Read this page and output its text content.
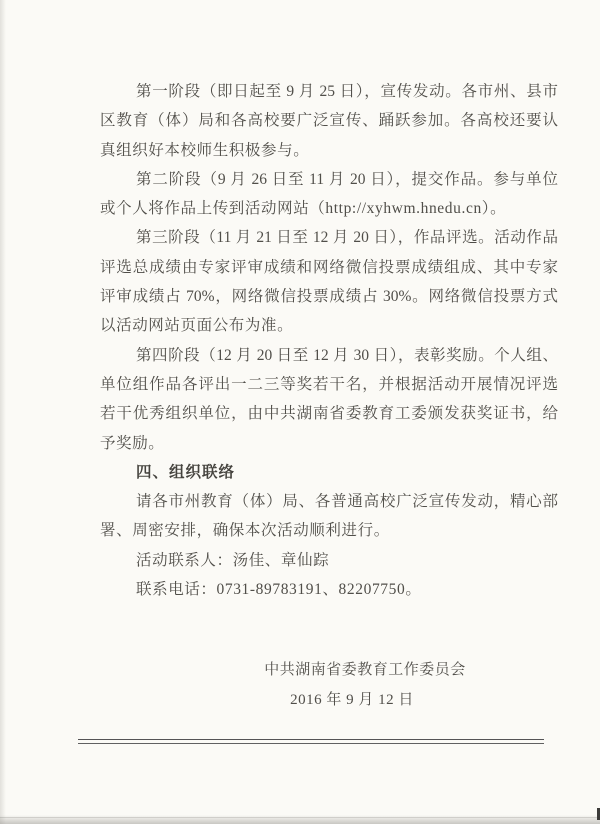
第一阶段（即日起至 9 月 25 日），宣传发动。各市州、县市
区教育（体）局和各高校要广泛宣传、踊跃参加。各高校还要认
真组织好本校师生积极参与。
第二阶段（9 月 26 日至 11 月 20 日），提交作品。参与单位
或个人将作品上传到活动网站（http://xyhwm.hnedu.cn）。
第三阶段（11 月 21 日至 12 月 20 日），作品评选。活动作品
评选总成绩由专家评审成绩和网络微信投票成绩组成、其中专家
评审成绩占 70%，网络微信投票成绩占 30%。网络微信投票方式
以活动网站页面公布为准。
第四阶段（12 月 20 日至 12 月 30 日），表彰奖励。个人组、
单位组作品各评出一二三等奖若干名，并根据活动开展情况评选
若干优秀组织单位，由中共湖南省委教育工委颁发获奖证书，给
予奖励。
四、组织联络
请各市州教育（体）局、各普通高校广泛宣传发动，精心部
署、周密安排，确保本次活动顺利进行。
活动联系人：汤佳、章仙踪
联系电话：0731-89783191、82207750。
中共湖南省委教育工作委员会
2016 年 9 月 12 日
